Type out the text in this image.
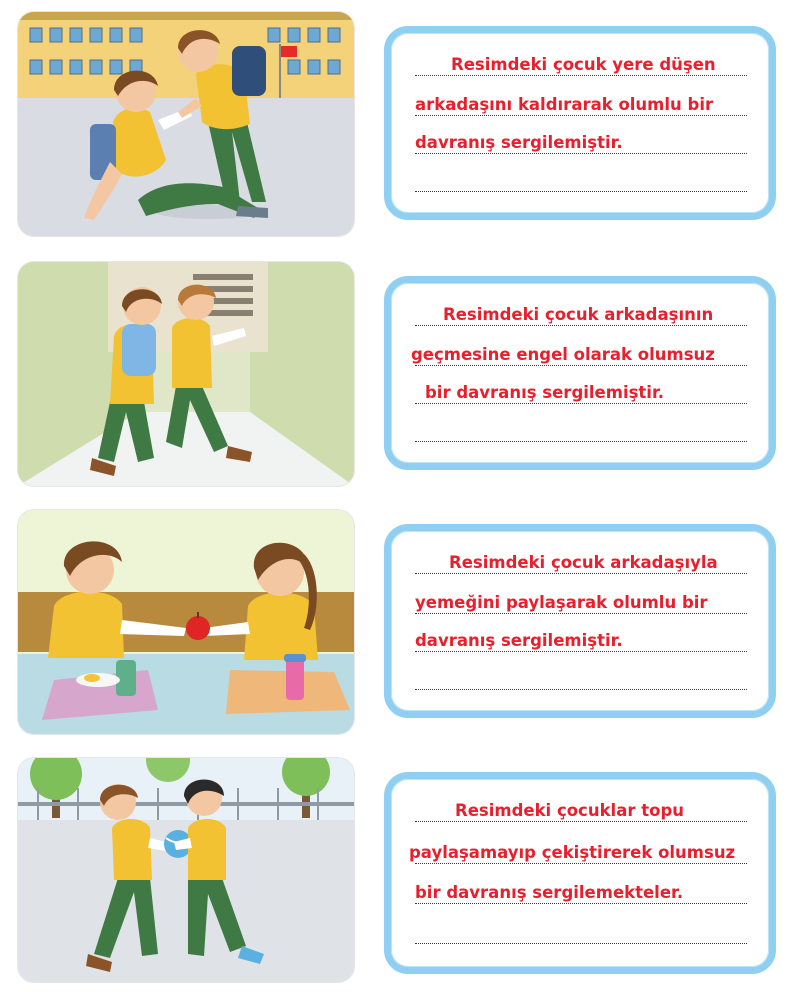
Resimdeki çocuk yere düşen
arkadaşını kaldırarak olumlu bir
davranış sergilemiştir.
Resimdeki çocuk arkadaşının
geçmesine engel olarak olumsuz
bir davranış sergilemiştir.
Resimdeki çocuk arkadaşıyla
yemeğini paylaşarak olumlu bir
davranış sergilemiştir.
Resimdeki çocuklar topu
paylaşamayıp çekiştirerek olumsuz
bir davranış sergilemekteler.
